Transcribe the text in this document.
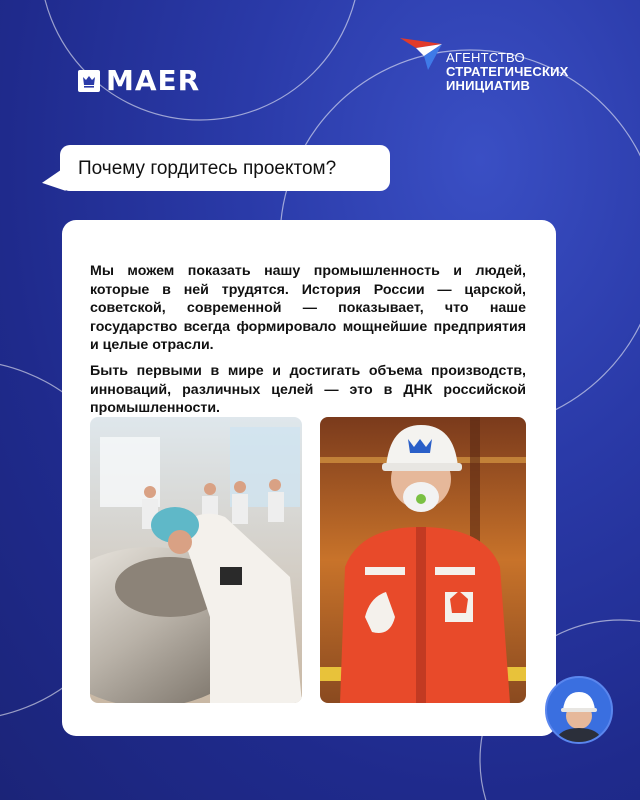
MAER
АГЕНТСТВО
СТРАТЕГИЧЕСКИХ
ИНИЦИАТИВ
Почему гордитесь проектом?

Мы можем показать нашу промышленность и людей, которые в ней трудятся. История России — царской, советской, современной — показывает, что наше государство всегда формировало мощнейшие предприятия и целые отрасли.

Быть первыми в мире и достигать объема производств, инноваций, различных целей — это в ДНК российской промышленности.
